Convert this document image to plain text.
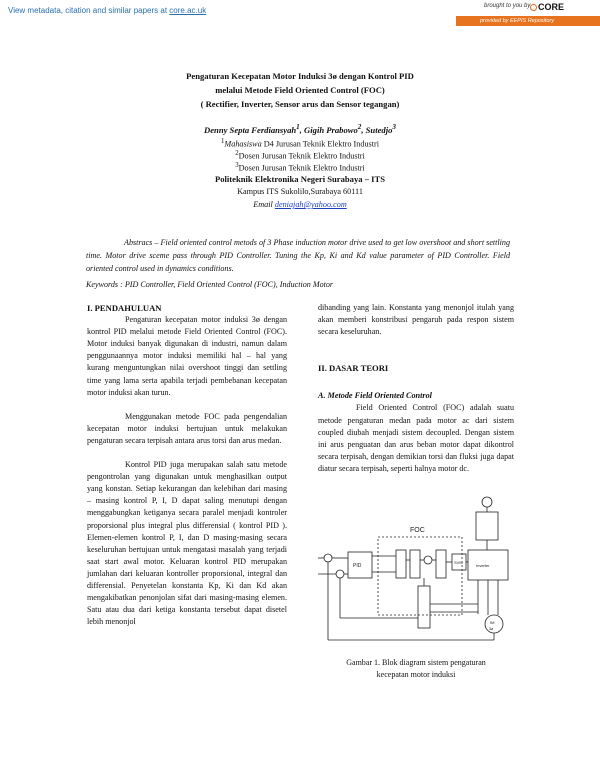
View metadata, citation and similar papers at core.ac.uk	brought to you by CORE
provided by EEPIS Repository
Pengaturan Kecepatan Motor Induksi 3ø dengan Kontrol PID
melalui Metode Field Oriented Control (FOC)
( Rectifier, Inverter, Sensor arus dan Sensor tegangan)
Denny Septa Ferdiansyah$^1$, Gigih Prabowo$^2$, Sutedjo$^3$
$^1$Mahasiswa D4 Jurusan Teknik Elektro Industri
$^2$Dosen Jurusan Teknik Elektro Industri
$^3$Dosen Jurusan Teknik Elektro Industri
Politeknik Elektronika Negeri Surabaya – ITS
Kampus ITS Sukolilo,Surabaya 60111
Email deniajah@yahoo.com
Abstracs – Field oriented control metods of 3 Phase induction motor drive used to get low overshoot and short settling time. Motor drive sceme pass through PID Controller. Tuning the Kp, Ki and Kd value parameter of PID Controller. Field oriented control used in dynamics conditions.
Keywords : PID Controller, Field Oriented Control (FOC), Induction Motor

I. PENDAHULUAN

Pengaturan kecepatan motor induksi 3ø dengan kontrol PID melalui metode Field Oriented Control (FOC). Motor induksi banyak digunakan di industri, namun dalam penggunaannya motor induksi memiliki hal – hal yang kurang menguntungkan nilai overshoot tinggi dan settling time yang lama serta apabila terjadi pembebanan kecepatan motor induksi akan turun.

Menggunakan metode FOC pada pengendalian kecepatan motor induksi bertujuan untuk melakukan pengaturan secara terpisah antara arus torsi dan arus medan.

Kontrol PID juga merupakan salah satu metode pengontrolan yang digunakan untuk menghasilkan output yang konstan. Setiap kekurangan dan kelebihan dari masing – masing kontrol P, I, D dapat saling menutupi dengan menggabungkan ketiganya secara paralel menjadi kontroler proporsional plus integral plus differensial ( kontrol PID ). Elemen-elemen kontrol P, I, dan D masing-masing secara keseluruhan bertujuan untuk mengatasi masalah yang terjadi saat start awal motor. Keluaran kontrol PID merupakan jumlahan dari keluaran kontroller proporsional, integral dan differensial. Penyetelan konstanta Kp, Ki dan Kd akan mengakibatkan penonjolan sifat dari masing-masing elemen. Satu atau dua dari ketiga konstanta tersebut dapat disetel lebih menonjol

dibanding yang lain. Konstanta yang menonjol itulah yang akan memberi konstribusi pengaruh pada respon sistem secara keseluruhan.

II. DASAR TEORI

A. Metode Field Oriented Control

Field Oriented Control (FOC) adalah suatu metode pengaturan medan pada motor ac dari sistem coupled diubah menjadi sistem decoupled. Dengan sistem ini arus penguatan dan arus beban motor dapat dikontrol secara terpisah, dengan demikian torsi dan fluksi juga dapat diatur secara terpisah, seperti halnya motor dc.

FOC
PID
SVM
Inverter
IM
3ø
Gambar 1. Blok diagram sistem pengaturan
kecepatan motor induksi
